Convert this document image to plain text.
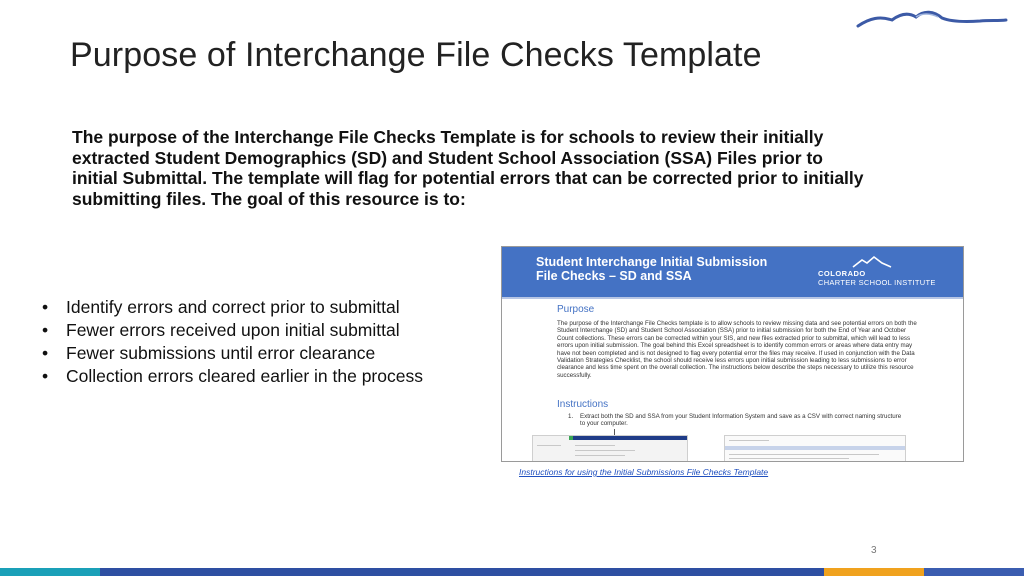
Purpose of Interchange File Checks Template

The purpose of the Interchange File Checks Template is for schools to review their initially extracted Student Demographics (SD) and Student School Association (SSA) Files prior to initial Submittal. The template will flag for potential errors that can be corrected prior to initially submitting files. The goal of this resource is to:

• Identify errors and correct prior to submittal
• Fewer errors received upon initial submittal
• Fewer submissions until error clearance
• Collection errors cleared earlier in the process

Student Interchange Initial Submission
File Checks – SD and SSA	COLORADO
CHARTER SCHOOL INSTITUTE
Purpose

The purpose of the Interchange File Checks template is to allow schools to review missing data and see potential errors on both the Student Interchange (SD) and Student School Association (SSA) prior to initial submission for both the End of Year and October Count collections. These errors can be corrected within your SIS, and new files extracted prior to submittal, which will lead to less errors upon initial submission. The goal behind this Excel spreadsheet is to identify common errors or areas where data entry may have not been completed and is not designed to flag every potential error the files may receive. If used in conjunction with the Data Validation Strategies Checklist, the school should receive less errors upon initial submission leading to less submissions to error clearance and less time spent on the overall collection. The instructions below describe the steps necessary to utilize this resource successfully.

Instructions

1.	Extract both the SD and SSA from your Student Information System and save as a CSV with correct naming structure to your computer.

Instructions for using the Initial Submissions File Checks Template
3
